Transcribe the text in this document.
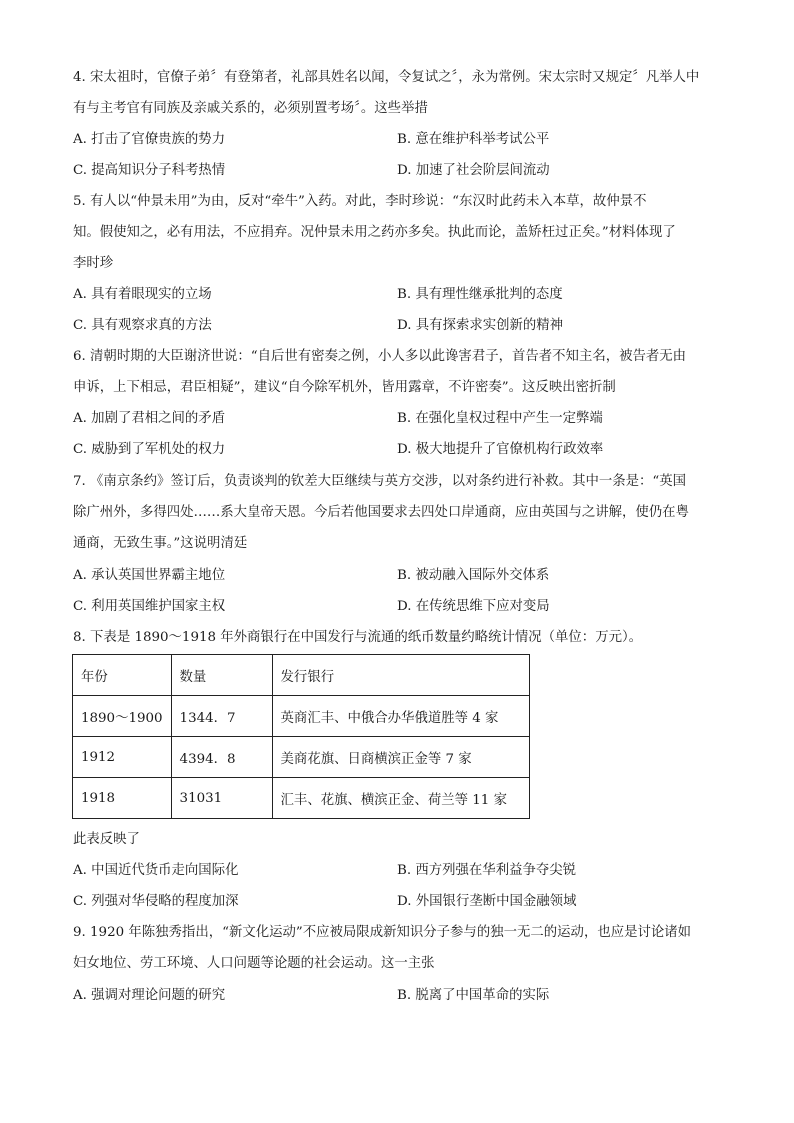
4. 宋太祖时，官僚子弟〞有登第者，礼部具姓名以闻，令复试之〞，永为常例。宋太宗时又规定〞凡举人中
有与主考官有同族及亲戚关系的，必须别置考场〞。这些举措
A. 打击了官僚贵族的势力	B. 意在维护科举考试公平
C. 提高知识分子科考热情	D. 加速了社会阶层间流动
5. 有人以“仲景未用”为由，反对“牵牛”入药。对此，李时珍说：“东汉时此药未入本草，故仲景不
知。假使知之，必有用法，不应捐弃。况仲景未用之药亦多矣。执此而论，盖矫枉过正矣。”材料体现了
李时珍
A. 具有着眼现实的立场	B. 具有理性继承批判的态度
C. 具有观察求真的方法	D. 具有探索求实创新的精神
6. 清朝时期的大臣谢济世说：“自后世有密奏之例，小人多以此谗害君子，首告者不知主名，被告者无由
申诉，上下相忌，君臣相疑”，建议“自今除军机外，皆用露章，不许密奏”。这反映出密折制
A. 加剧了君相之间的矛盾	B. 在强化皇权过程中产生一定弊端
C. 威胁到了军机处的权力	D. 极大地提升了官僚机构行政效率
7. 《南京条约》签订后，负责谈判的钦差大臣继续与英方交涉，以对条约进行补救。其中一条是：“英国
除广州外，多得四处……系大皇帝天恩。今后若他国要求去四处口岸通商，应由英国与之讲解，使仍在粤
通商，无致生事。”这说明清廷
A. 承认英国世界霸主地位	B. 被动融入国际外交体系
C. 利用英国维护国家主权	D. 在传统思维下应对变局
8. 下表是 1890～1918 年外商银行在中国发行与流通的纸币数量约略统计情况（单位：万元）。
年份	数量	发行银行
1890～1900	1344．7	英商汇丰、中俄合办华俄道胜等 4 家
1912	4394．8	美商花旗、日商横滨正金等 7 家
1918	31031	汇丰、花旗、横滨正金、荷兰等 11 家
此表反映了
A. 中国近代货币走向国际化	B. 西方列强在华利益争夺尖锐
C. 列强对华侵略的程度加深	D. 外国银行垄断中国金融领域
9. 1920 年陈独秀指出，“新文化运动”不应被局限成新知识分子参与的独一无二的运动，也应是讨论诸如
妇女地位、劳工环境、人口问题等论题的社会运动。这一主张
A. 强调对理论问题的研究	B. 脱离了中国革命的实际
